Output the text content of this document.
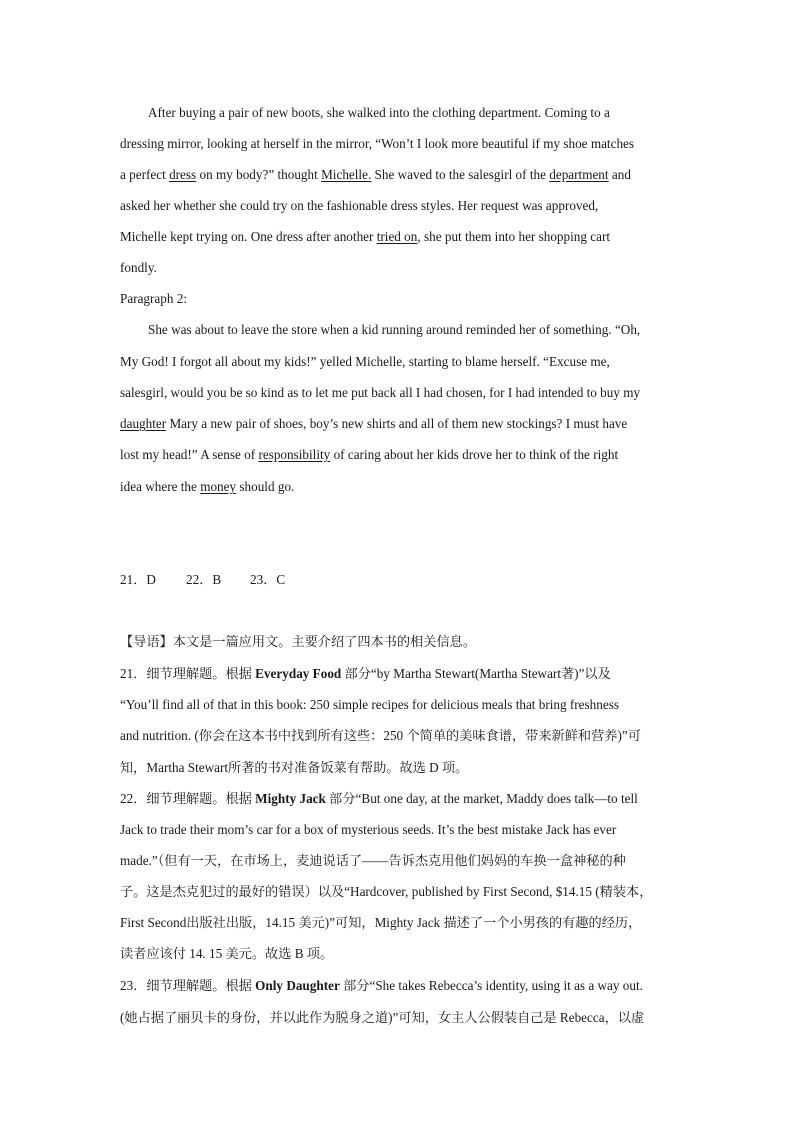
After buying a pair of new boots, she walked into the clothing department. Coming to a
dressing mirror, looking at herself in the mirror, “Won’t I look more beautiful if my shoe matches
a perfect dress on my body?” thought Michelle. She waved to the salesgirl of the department and
asked her whether she could try on the fashionable dress styles. Her request was approved,
Michelle kept trying on. One dress after another tried on, she put them into her shopping cart
fondly.
Paragraph 2:
She was about to leave the store when a kid running around reminded her of something. “Oh,
My God! I forgot all about my kids!” yelled Michelle, starting to blame herself. “Excuse me,
salesgirl, would you be so kind as to let me put back all I had chosen, for I had intended to buy my
daughter Mary a new pair of shoes, boy’s new shirts and all of them new stockings? I must have
lost my head!” A sense of responsibility of caring about her kids drove her to think of the right
idea where the money should go.
21．D 22．B 23．C
【导语】本文是一篇应用文。主要介绍了四本书的相关信息。
21．细节理解题。根据 Everyday Food 部分“by Martha Stewart(Martha Stewart著)”以及
“You’ll find all of that in this book: 250 simple recipes for delicious meals that bring freshness
and nutrition. (你会在这本书中找到所有这些：250 个简单的美味食谱，带来新鲜和营养)”可
知，Martha Stewart所著的书对准备饭菜有帮助。故选 D 项。
22．细节理解题。根据 Mighty Jack 部分“But one day, at the market, Maddy does talk—to tell
Jack to trade their mom’s car for a box of mysterious seeds. It’s the best mistake Jack has ever
made.”（但有一天，在市场上，麦迪说话了——告诉杰克用他们妈妈的车换一盒神秘的种
子。这是杰克犯过的最好的错误）以及“Hardcover, published by First Second, $14.15 (精装本，
First Second出版社出版，14.15 美元)”可知，Mighty Jack 描述了一个小男孩的有趣的经历，
读者应该付 14. 15 美元。故选 B 项。
23．细节理解题。根据 Only Daughter 部分“She takes Rebecca’s identity, using it as a way out.
(她占据了丽贝卡的身份，并以此作为脱身之道)”可知，女主人公假装自己是 Rebecca，以虚
